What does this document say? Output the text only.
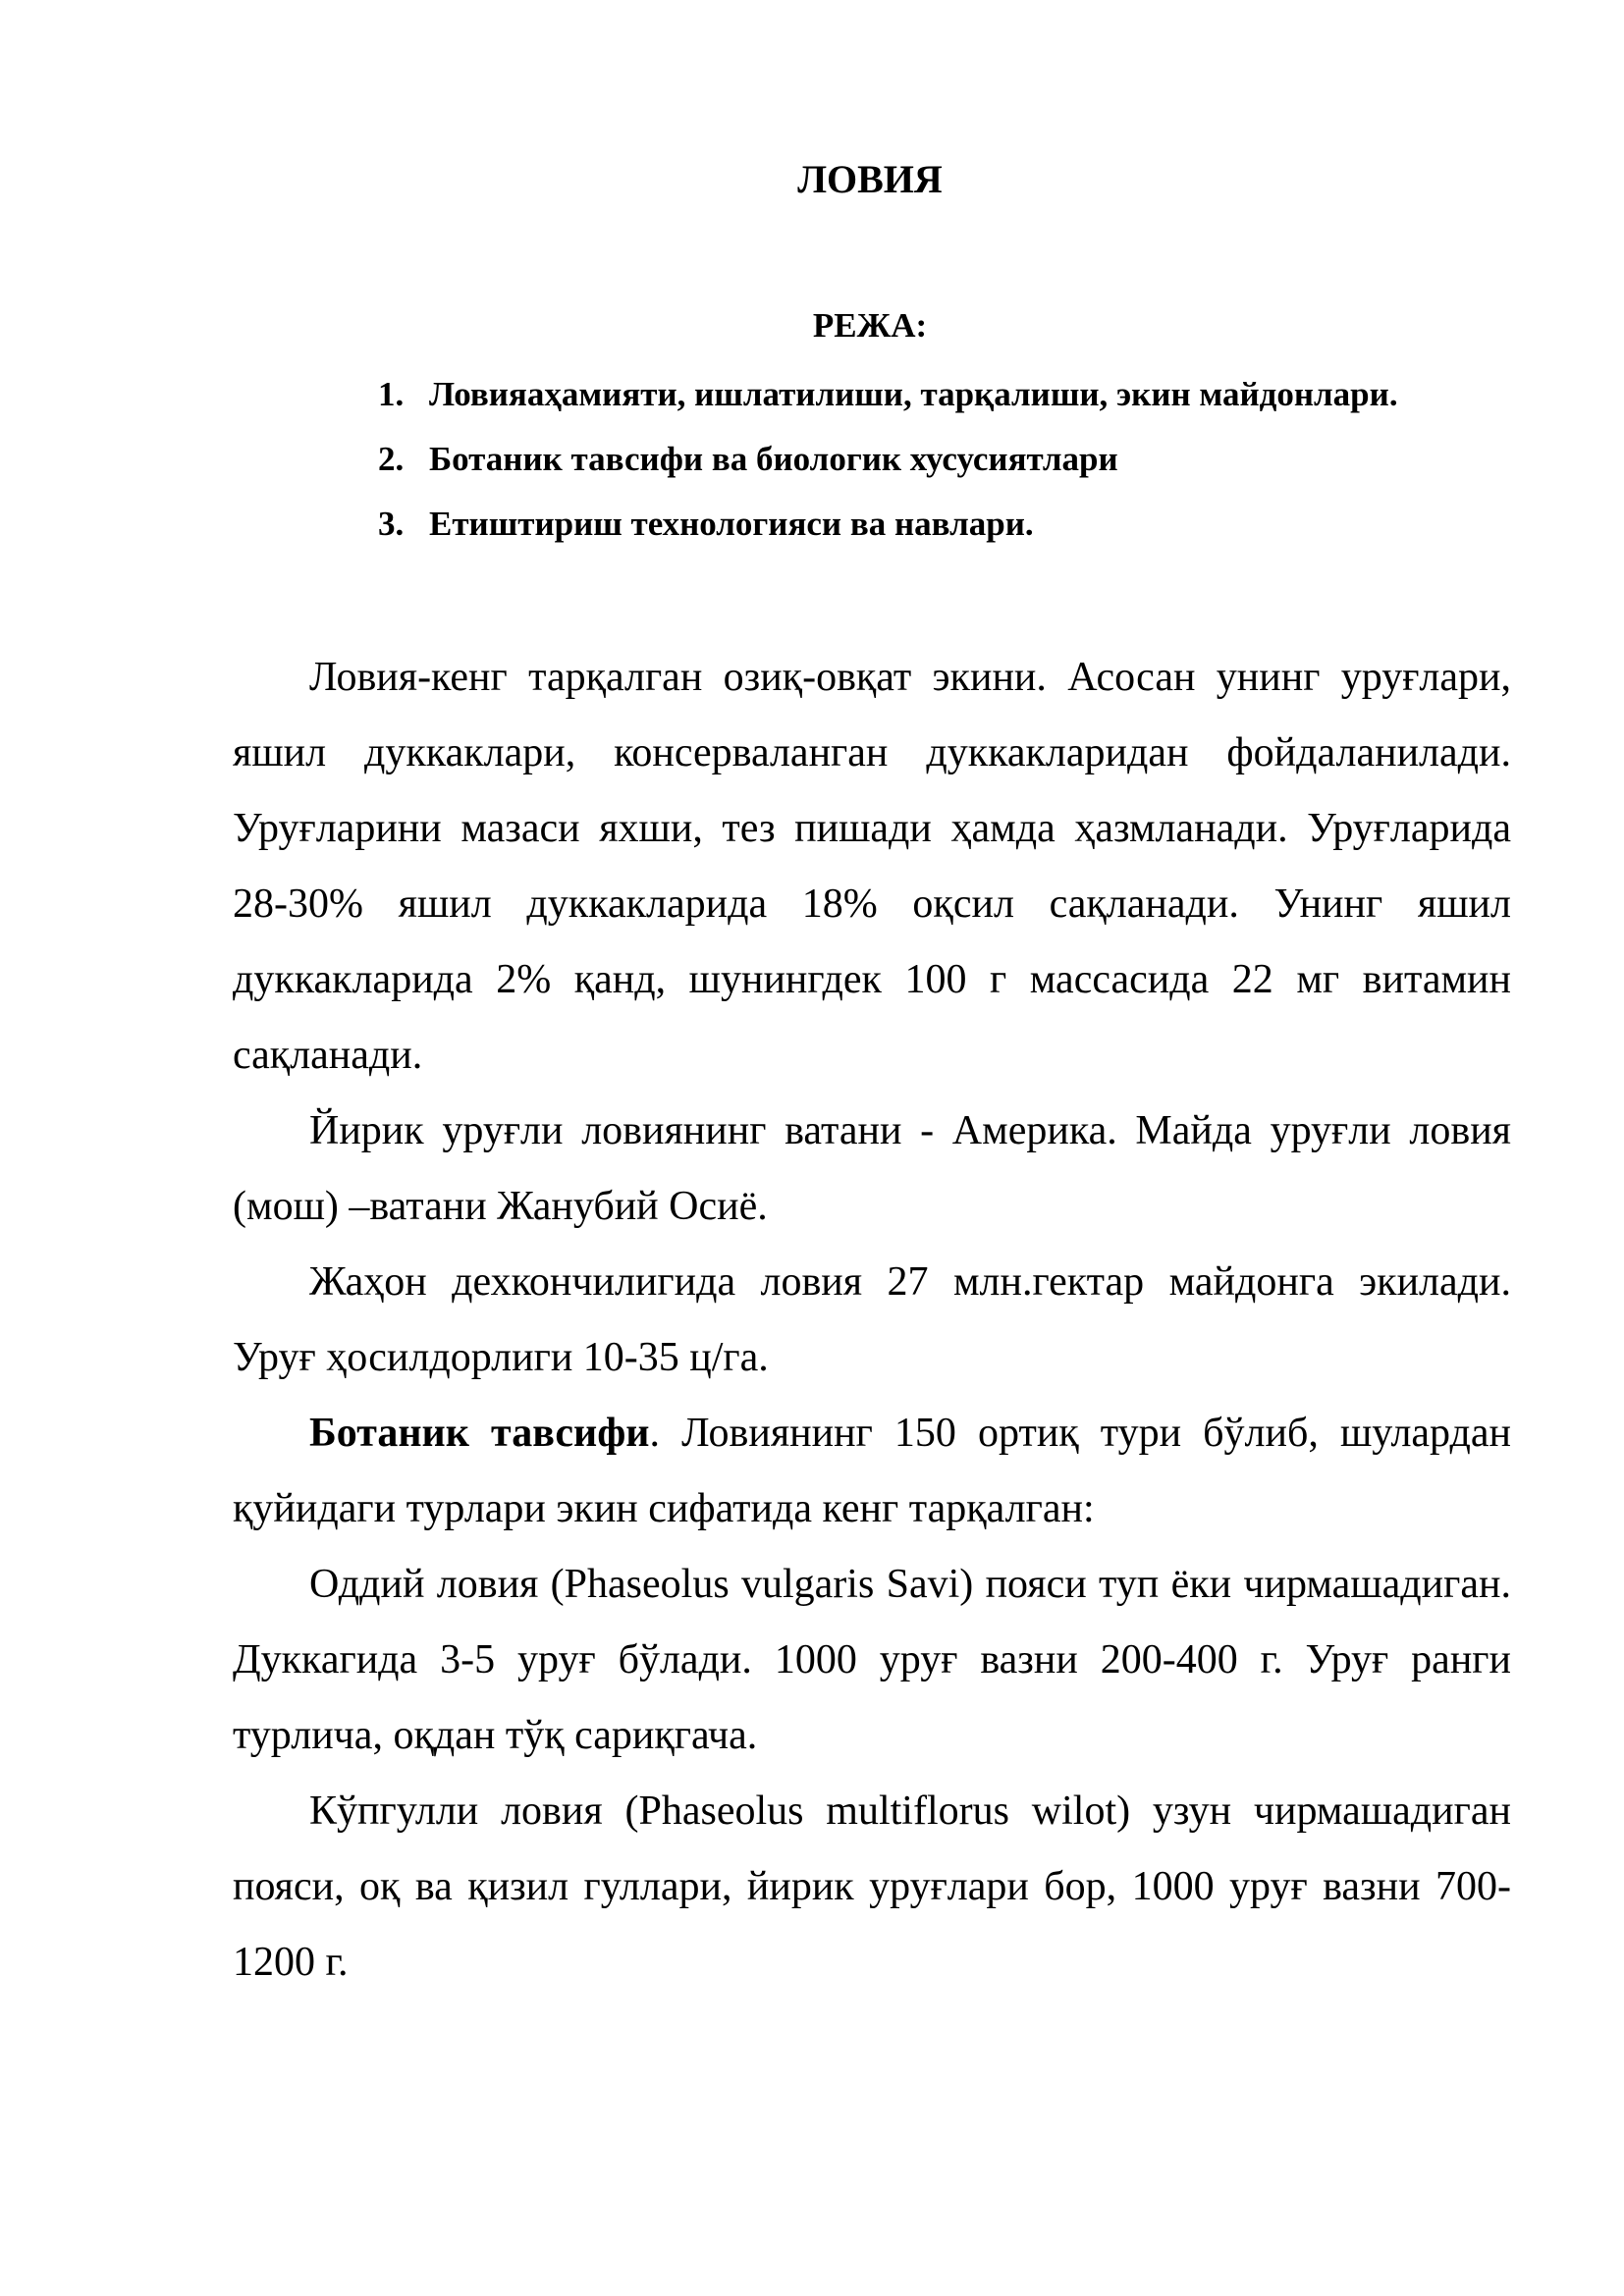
ЛОВИЯ
РЕЖА:
1. Ловияаҳамияти, ишлатилиши, тарқалиши, экин майдонлари.
2. Ботаник тавсифи ва биологик хусусиятлари
3. Етиштириш технологияси ва навлари.

Ловия-кенг тарқалган озиқ-овқат экини. Асосан унинг уруғлари, яшил дуккаклари, консерваланган дуккакларидан фойдаланилади. Уруғларини мазаси яхши, тез пишади ҳамда ҳазмланади. Уруғларида 28-30% яшил дуккакларида 18% оқсил сақланади. Унинг яшил дуккакларида 2% қанд, шунингдек 100 г массасида 22 мг витамин сақланади.

Йирик уруғли ловиянинг ватани - Америка. Майда уруғли ловия (мош) –ватани Жанубий Осиё.

Жаҳон дехкончилигида ловия 27 млн.гектар майдонга экилади. Уруғ ҳосилдорлиги 10-35 ц/га.

Ботаник тавсифи. Ловиянинг 150 ортиқ тури бўлиб, шулардан қуйидаги турлари экин сифатида кенг тарқалган:

Оддий ловия (Phaseolus vulgaris Savi) пояси туп ёки чирмашадиган. Дуккагида 3-5 уруғ бўлади. 1000 уруғ вазни 200-400 г. Уруғ ранги турлича, оқдан тўқ сариқгача.

Кўпгулли ловия (Phaseolus multiflorus wilot) узун чирмашадиган пояси, оқ ва қизил гуллари, йирик уруғлари бор, 1000 уруғ вазни 700-1200 г.
